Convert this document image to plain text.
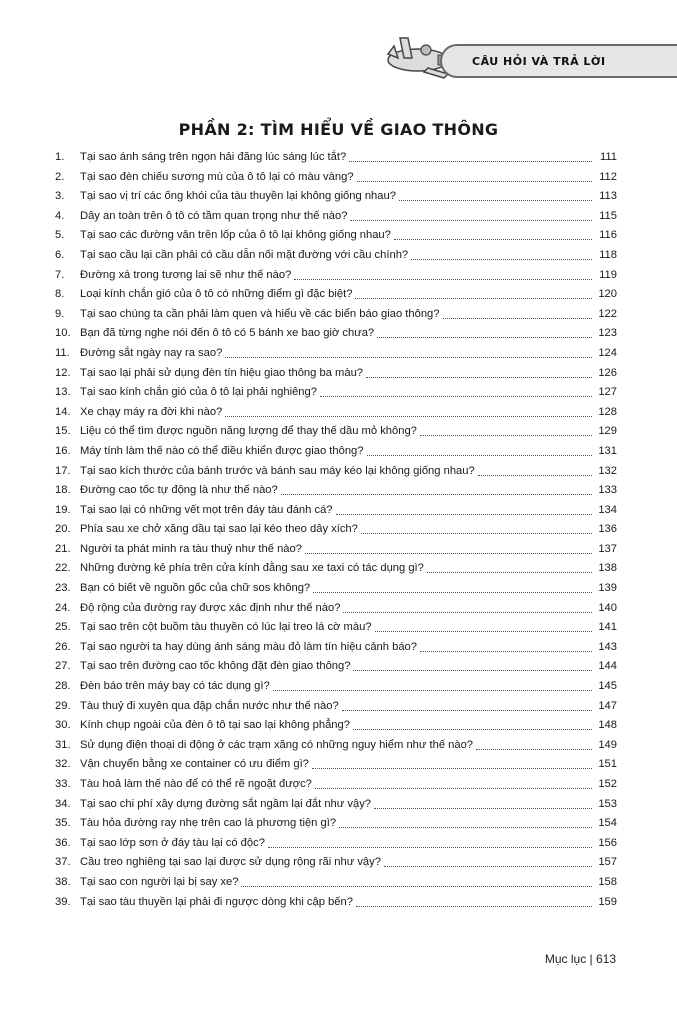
CÂU HỎI VÀ TRẢ LỜI
PHẦN 2: TÌM HIỂU VỀ GIAO THÔNG
1.	Tại sao ánh sáng trên ngọn hải đăng lúc sáng lúc tắt?	111
2.	Tại sao đèn chiếu sương mù của ô tô lại có màu vàng?	112
3.	Tại sao vị trí các ống khói của tàu thuyền lại không giống nhau?	113
4.	Dây an toàn trên ô tô có tầm quan trọng như thế nào?	115
5.	Tại sao các đường vân trên lốp của ô tô lại không giống nhau?	116
6.	Tại sao cầu lại cần phải có cầu dẫn nối mặt đường với cầu chính?	118
7.	Đường xá trong tương lai sẽ như thế nào?	119
8.	Loại kính chắn gió của ô tô có những điểm gì đặc biệt?	120
9.	Tại sao chúng ta cần phải làm quen và hiểu về các biển báo giao thông?	122
10. Bạn đã từng nghe nói đến ô tô có 5 bánh xe bao giờ chưa?	123
11. Đường sắt ngày nay ra sao?	124
12. Tại sao lại phải sử dụng đèn tín hiệu giao thông ba màu?	126
13. Tại sao kính chắn gió của ô tô lại phải nghiêng?	127
14. Xe chạy máy ra đời khi nào?	128
15. Liệu có thể tìm được nguồn năng lượng để thay thế dầu mỏ không?	129
16. Máy tính làm thế nào có thể điều khiển được giao thông?	131
17. Tại sao kích thước của bánh trước và bánh sau máy kéo lại không giống nhau?	132
18. Đường cao tốc tự động là như thế nào?	133
19. Tại sao lại có những vết mọt trên đáy tàu đánh cá?	134
20. Phía sau xe chở xăng dầu tại sao lại kéo theo dây xích?	136
21. Người ta phát minh ra tàu thuỷ như thế nào?	137
22. Những đường kẻ phía trên cửa kính đằng sau xe taxi có tác dụng gì?	138
23. Bạn có biết về nguồn gốc của chữ sos không?	139
24. Độ rộng của đường ray được xác định như thế nào?	140
25. Tại sao trên cột buồm tàu thuyền có lúc lại treo lá cờ màu?	141
26. Tại sao người ta hay dùng ánh sáng màu đỏ làm tín hiệu cảnh báo?	143
27. Tại sao trên đường cao tốc không đặt đèn giao thông?	144
28. Đèn báo trên máy bay có tác dụng gì?	145
29. Tàu thuỷ đi xuyên qua đập chắn nước như thế nào?	147
30. Kính chụp ngoài của đèn ô tô tại sao lại không phẳng?	148
31. Sử dụng điện thoại di động ở các trạm xăng có những nguy hiểm như thế nào?	149
32. Vận chuyển bằng xe container có ưu điểm gì?	151
33. Tàu hoả làm thế nào để có thể rẽ ngoặt được?	152
34. Tại sao chi phí xây dựng đường sắt ngầm lại đắt như vậy?	153
35. Tàu hỏa đường ray nhẹ trên cao là phương tiện gì?	154
36. Tại sao lớp sơn ở đáy tàu lại có độc?	156
37. Cầu treo nghiêng tại sao lại được sử dụng rộng rãi như vậy?	157
38. Tại sao con người lại bị say xe?	158
39. Tại sao tàu thuyền lại phải đi ngược dòng khi cập bến?	159
Mục lục | 613
